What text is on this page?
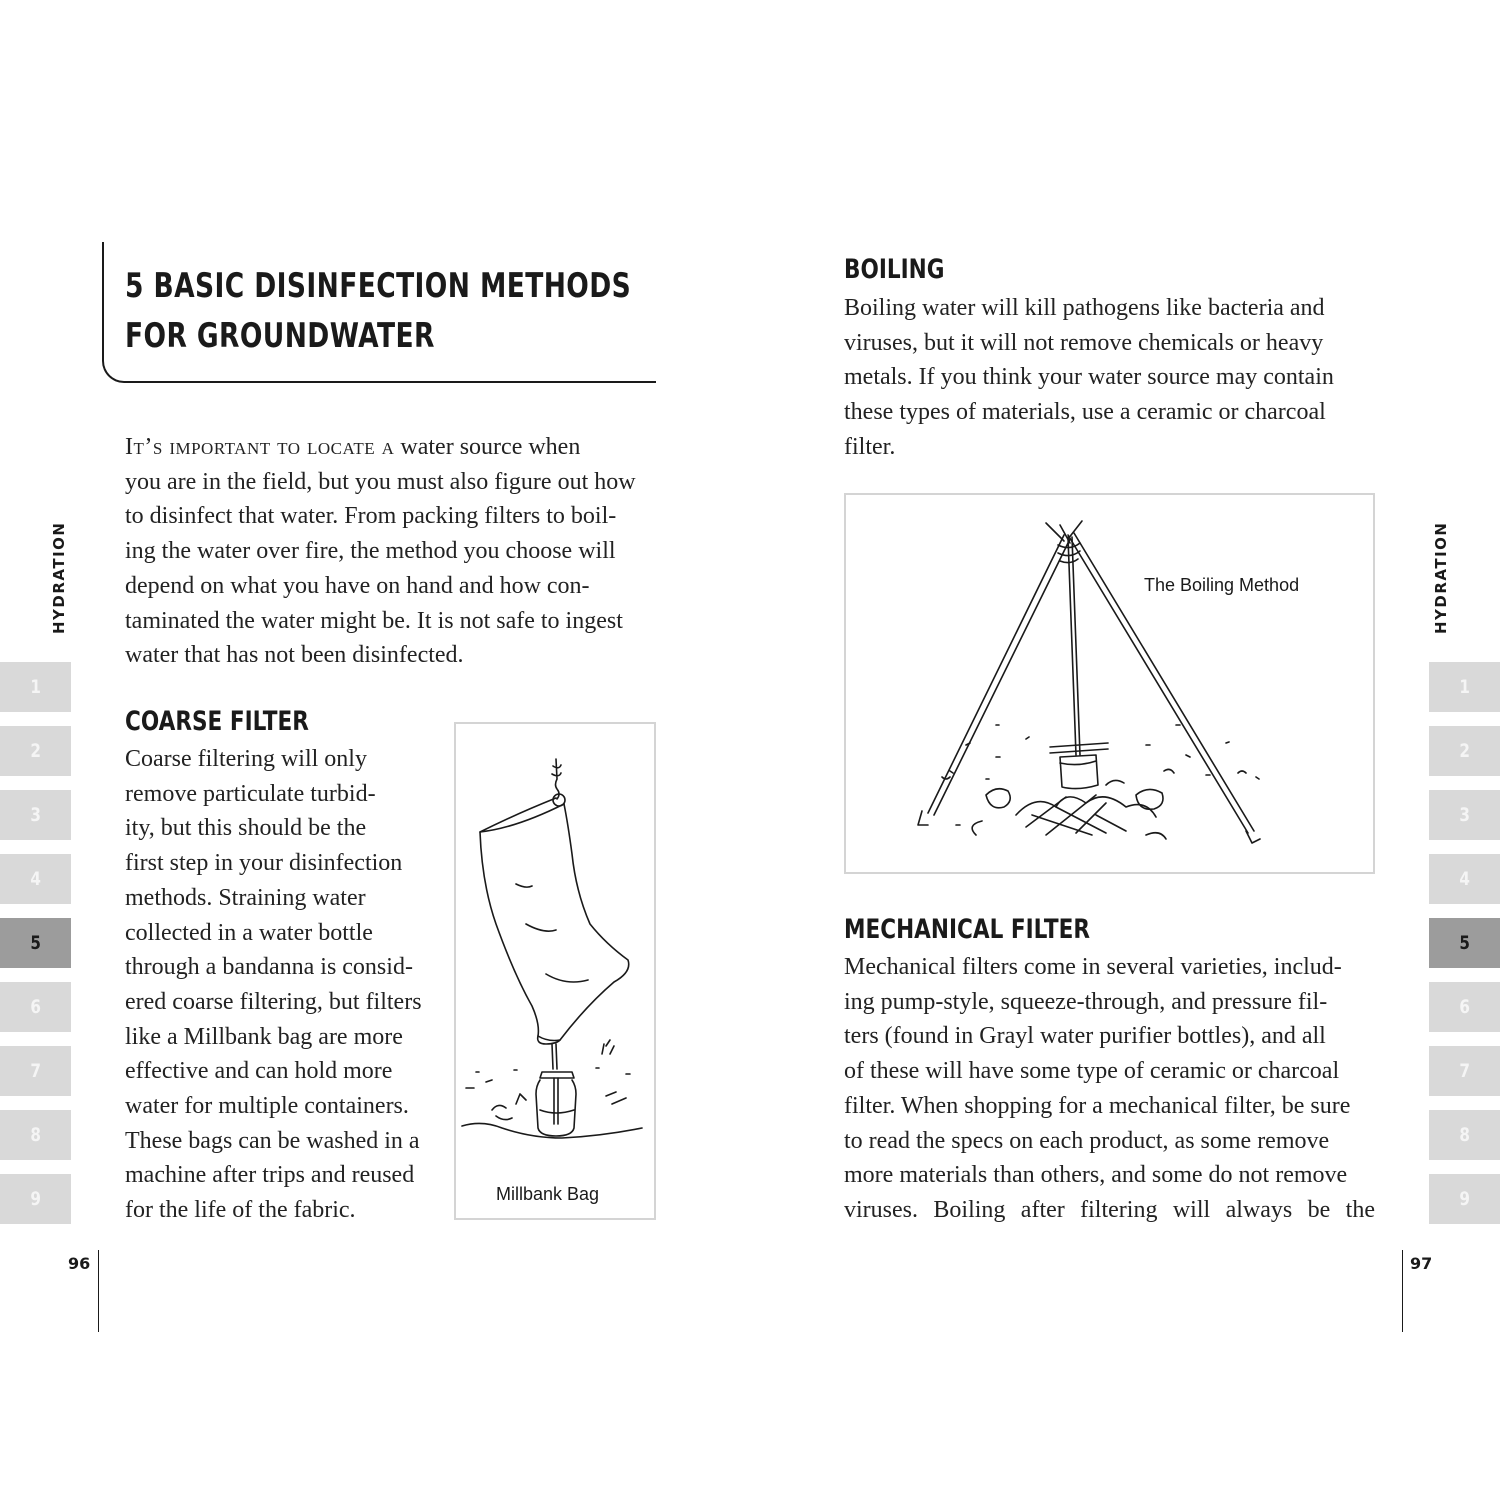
5 BASIC DISINFECTION METHODS
FOR GROUNDWATER
It’s important to locate a water source when
you are in the field, but you must also figure out how
to disinfect that water. From packing filters to boil-
ing the water over fire, the method you choose will
depend on what you have on hand and how con-
taminated the water might be. It is not safe to ingest
water that has not been disinfected.
COARSE FILTER
Coarse filtering will only
remove particulate turbid-
ity, but this should be the
first step in your disinfection
methods. Straining water
collected in a water bottle
through a bandanna is consid-
ered coarse filtering, but filters
like a Millbank bag are more
effective and can hold more
water for multiple containers.
These bags can be washed in a
machine after trips and reused
for the life of the fabric.
Millbank Bag
HYDRATION
1
2
3
4
5
6
7
8
9
96
BOILING
Boiling water will kill pathogens like bacteria and
viruses, but it will not remove chemicals or heavy
metals. If you think your water source may contain
these types of materials, use a ceramic or charcoal
filter.
The Boiling Method
MECHANICAL FILTER
Mechanical filters come in several varieties, includ-
ing pump-style, squeeze-through, and pressure fil-
ters (found in Grayl water purifier bottles), and all
of these will have some type of ceramic or charcoal
filter. When shopping for a mechanical filter, be sure
to read the specs on each product, as some remove
more materials than others, and some do not remove
viruses. Boiling after filtering will always be the
HYDRATION
1
2
3
4
5
6
7
8
9
97
